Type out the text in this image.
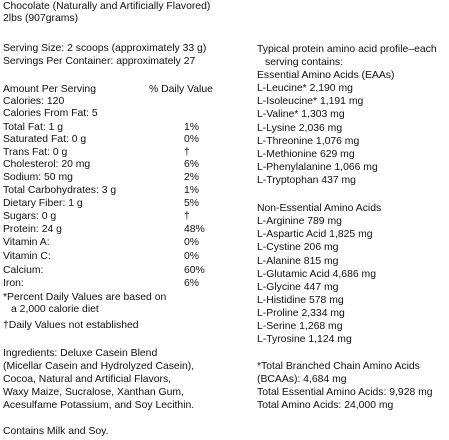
Chocolate (Naturally and Artificially Flavored)
2lbs (907grams)
Serving Size: 2 scoops (approximately 33 g)
Servings Per Container: approximately 27
Amount Per Serving	% Daily Value
Calories: 120
Calories From Fat: 5
Total Fat: 1 g	1%
Saturated Fat: 0 g	0%
Trans Fat: 0 g	†
Cholesterol: 20 mg	6%
Sodium: 50 mg	2%
Total Carbohydrates: 3 g	1%
Dietary Fiber: 1 g	5%
Sugars: 0 g	†
Protein: 24 g	48%
Vitamin A:	0%
Vitamin C:	0%
Calcium:	60%
Iron:	6%
*Percent Daily Values are based on
a 2,000 calorie diet
†Daily Values not established
Ingredients: Deluxe Casein Blend
(Micellar Casein and Hydrolyzed Casein),
Cocoa, Natural and Artificial Flavors,
Waxy Maize, Sucralose, Xanthan Gum,
Acesulfame Potassium, and Soy Lecithin.
Contains Milk and Soy.
Typical protein amino acid profile–each
serving contains:
Essential Amino Acids (EAAs)
L-Leucine* 2,190 mg
L-Isoleucine* 1,191 mg
L-Valine* 1,303 mg
L-Lysine 2,036 mg
L-Threonine 1,076 mg
L-Methionine 629 mg
L-Phenylalanine 1,066 mg
L-Tryptophan 437 mg
Non-Essential Amino Acids
L-Arginine 789 mg
L-Aspartic Acid 1,825 mg
L-Cystine 206 mg
L-Alanine 815 mg
L-Glutamic Acid 4,686 mg
L-Glycine 447 mg
L-Histidine 578 mg
L-Proline 2,334 mg
L-Serine 1,268 mg
L-Tyrosine 1,124 mg
*Total Branched Chain Amino Acids
(BCAAs): 4,684 mg
Total Essential Amino Acids: 9,928 mg
Total Amino Acids: 24,000 mg
